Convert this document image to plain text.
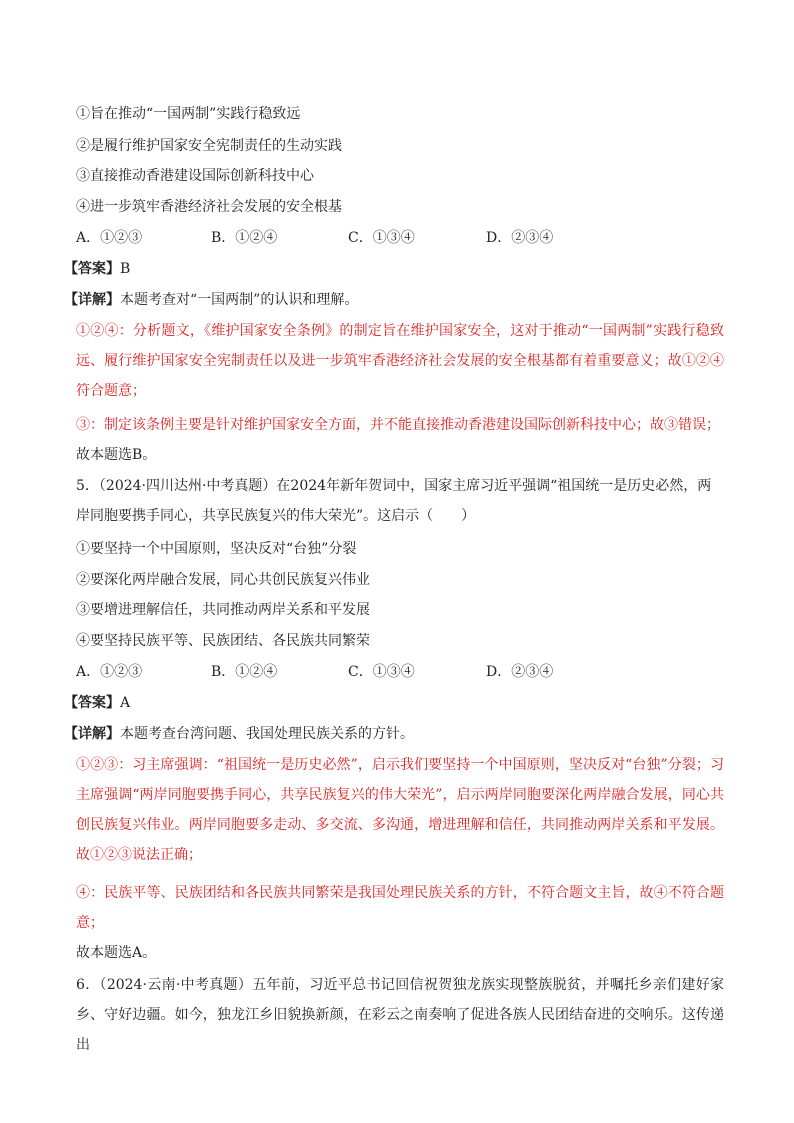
①旨在推动“一国两制”实践行稳致远
②是履行维护国家安全宪制责任的生动实践
③直接推动香港建设国际创新科技中心
④进一步筑牢香港经济社会发展的安全根基
A．①②③	B．①②④	C．①③④	D．②③④
【答案】B
【详解】本题考查对“一国两制”的认识和理解。
①②④：分析题文，《维护国家安全条例》的制定旨在维护国家安全，这对于推动“一国两制”实践行稳致远、履行维护国家安全宪制责任以及进一步筑牢香港经济社会发展的安全根基都有着重要意义；故①②④符合题意；
③：制定该条例主要是针对维护国家安全方面，并不能直接推动香港建设国际创新科技中心；故③错误；
故本题选B。
5．（2024·四川达州·中考真题）在2024年新年贺词中，国家主席习近平强调“祖国统一是历史必然，两岸同胞要携手同心，共享民族复兴的伟大荣光”。这启示（　　）
①要坚持一个中国原则，坚决反对“台独”分裂
②要深化两岸融合发展，同心共创民族复兴伟业
③要增进理解信任，共同推动两岸关系和平发展
④要坚持民族平等、民族团结、各民族共同繁荣
A．①②③	B．①②④	C．①③④	D．②③④
【答案】A
【详解】本题考查台湾问题、我国处理民族关系的方针。
①②③：习主席强调：“祖国统一是历史必然”，启示我们要坚持一个中国原则，坚决反对“台独”分裂；习主席强调“两岸同胞要携手同心，共享民族复兴的伟大荣光”，启示两岸同胞要深化两岸融合发展，同心共创民族复兴伟业。两岸同胞要多走动、多交流、多沟通，增进理解和信任，共同推动两岸关系和平发展。故①②③说法正确；
④：民族平等、民族团结和各民族共同繁荣是我国处理民族关系的方针，不符合题文主旨，故④不符合题意；
故本题选A。
6．（2024·云南·中考真题）五年前，习近平总书记回信祝贺独龙族实现整族脱贫，并嘱托乡亲们建好家乡、守好边疆。如今，独龙江乡旧貌换新颜，在彩云之南奏响了促进各族人民团结奋进的交响乐。这传递出
